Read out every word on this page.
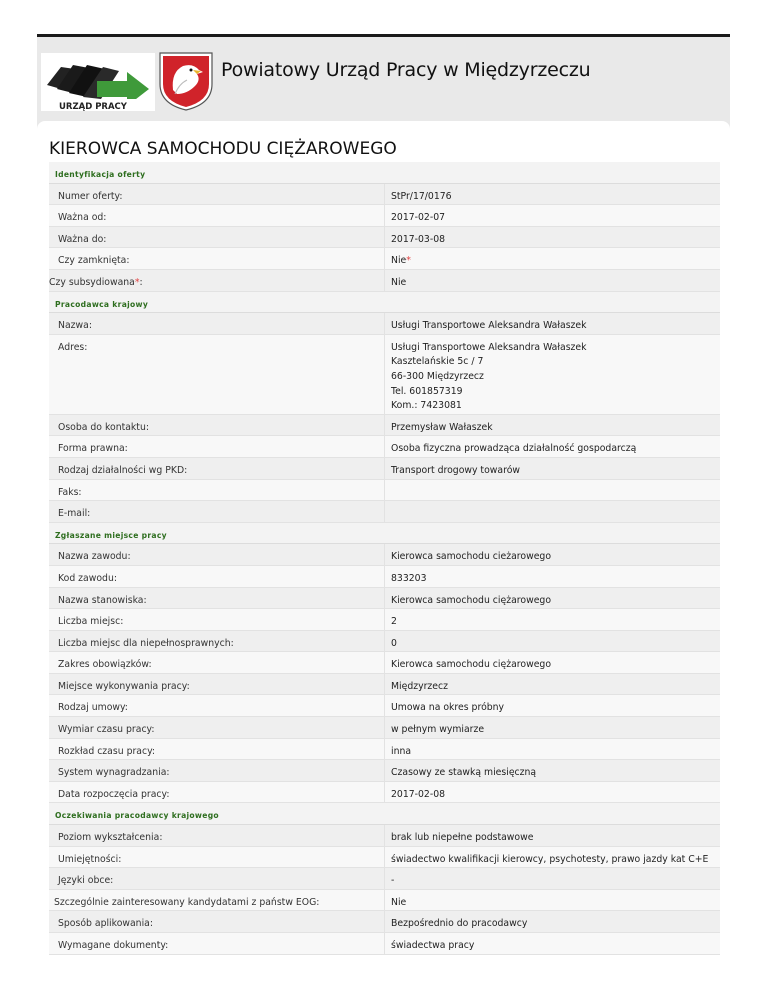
URZĄD PRACY
Powiatowy Urząd Pracy w Międzyrzeczu
KIEROWCA SAMOCHODU CIĘŻAROWEGO
Identyfikacja oferty	
Numer oferty:	StPr/17/0176
Ważna od:	2017-02-07
Ważna do:	2017-03-08
Czy zamknięta:	Nie*
Czy subsydiowana*:	Nie
Pracodawca krajowy	
Nazwa:	Usługi Transportowe Aleksandra Wałaszek
Adres:	Usługi Transportowe Aleksandra Wałaszek
Kasztelańskie 5c / 7
66-300 Międzyrzecz
Tel. 601857319
Kom.: 7423081

Osoba do kontaktu:	Przemysław Wałaszek
Forma prawna:	Osoba fizyczna prowadząca działalność gospodarczą
Rodzaj działalności wg PKD:	Transport drogowy towarów
Faks:	
E-mail:	
Zgłaszane miejsce pracy	
Nazwa zawodu:	Kierowca samochodu cieżarowego
Kod zawodu:	833203
Nazwa stanowiska:	Kierowca samochodu ciężarowego
Liczba miejsc:	2
Liczba miejsc dla niepełnosprawnych:	0
Zakres obowiązków:	Kierowca samochodu ciężarowego
Miejsce wykonywania pracy:	Międzyrzecz
Rodzaj umowy:	Umowa na okres próbny
Wymiar czasu pracy:	w pełnym wymiarze
Rozkład czasu pracy:	inna
System wynagradzania:	Czasowy ze stawką miesięczną
Data rozpoczęcia pracy:	2017-02-08
Oczekiwania pracodawcy krajowego	
Poziom wykształcenia:	brak lub niepełne podstawowe
Umiejętności:	świadectwo kwalifikacji kierowcy, psychotesty, prawo jazdy kat C+E
Języki obce:	-
Szczególnie zainteresowany kandydatami z państw EOG:	Nie
Sposób aplikowania:	Bezpośrednio do pracodawcy
Wymagane dokumenty:	świadectwa pracy
